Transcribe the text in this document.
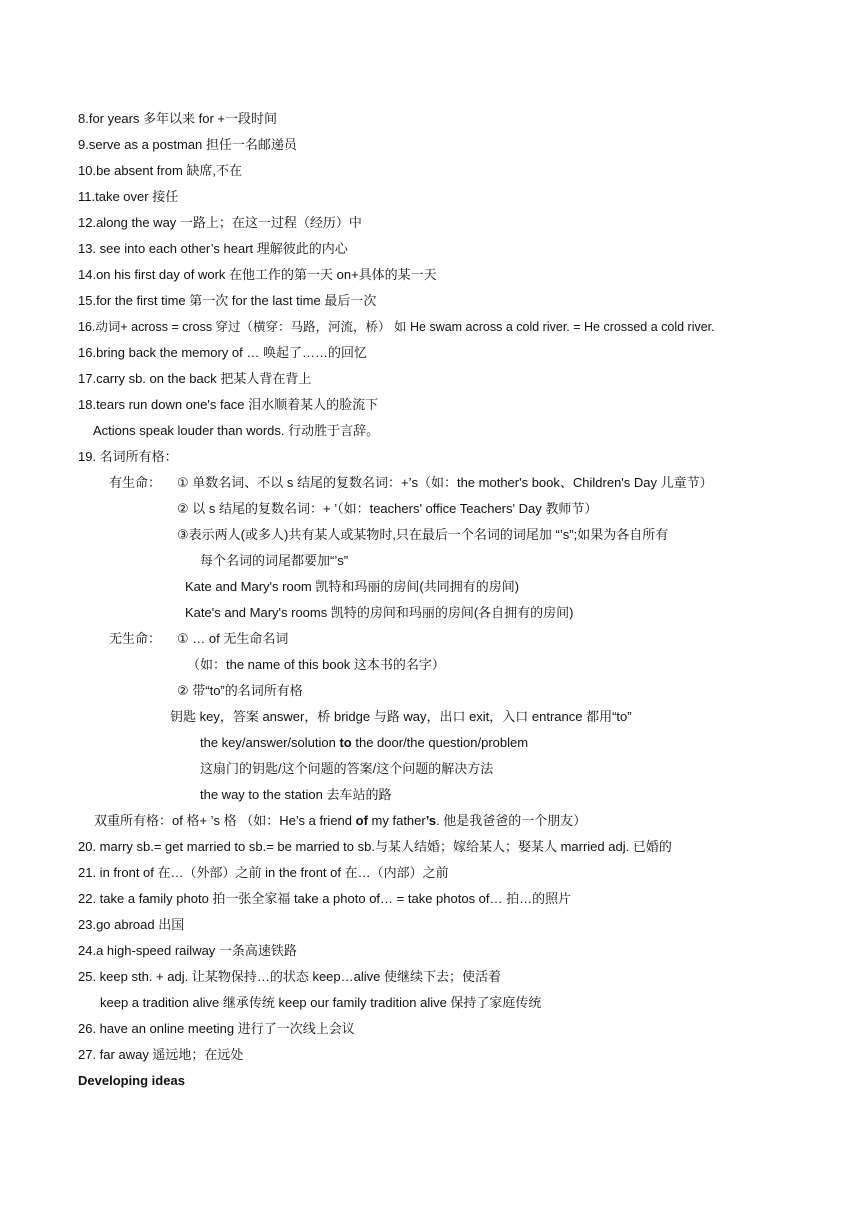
8.for years 多年以来 for +一段时间
9.serve as a postman 担任一名邮递员
10.be absent from 缺席,不在
11.take over 接任
12.along the way 一路上；在这一过程（经历）中
13. see into each other’s heart 理解彼此的内心
14.on his first day of work 在他工作的第一天 on+具体的某一天
15.for the first time 第一次 for the last time 最后一次
16.动词+ across = cross 穿过（横穿：马路，河流，桥） 如 He swam across a cold river. = He crossed a cold river.
16.bring back the memory of … 唤起了……的回忆
17.carry sb. on the back 把某人背在背上
18.tears run down one's face 泪水顺着某人的脸流下
Actions speak louder than words. 行动胜于言辞。
19. 名词所有格：
有生命： ① 单数名词、不以 s 结尾的复数名词：+’s（如：the mother's book、Children's Day 儿童节）
② 以 s 结尾的复数名词：+ ’（如：teachers' office Teachers' Day 教师节）
③表示两人(或多人)共有某人或某物时,只在最后一个名词的词尾加 “’s”;如果为各自所有
每个名词的词尾都要加“’s”
Kate and Mary's room 凯特和玛丽的房间(共同拥有的房间)
Kate's and Mary's rooms 凯特的房间和玛丽的房间(各自拥有的房间)
无生命： ① … of 无生命名词
（如：the name of this book 这本书的名字）
② 带“to”的名词所有格
钥匙 key，答案 answer，桥 bridge 与路 way，出口 exit，入口 entrance 都用“to”
the key/answer/solution to the door/the question/problem
这扇门的钥匙/这个问题的答案/这个问题的解决方法
the way to the station 去车站的路
双重所有格：of 格+ ’s 格 （如：He’s a friend of my father’s. 他是我爸爸的一个朋友）
20. marry sb.= get married to sb.= be married to sb.与某人结婚；嫁给某人；娶某人 married adj. 已婚的
21. in front of 在…（外部）之前 in the front of 在…（内部）之前
22. take a family photo 拍一张全家福 take a photo of… = take photos of… 拍…的照片
23.go abroad 出国
24.a high-speed railway 一条高速铁路
25. keep sth. + adj. 让某物保持…的状态 keep…alive 使继续下去；使活着
keep a tradition alive 继承传统 keep our family tradition alive 保持了家庭传统
26. have an online meeting 进行了一次线上会议
27. far away 遥远地；在远处
Developing ideas
